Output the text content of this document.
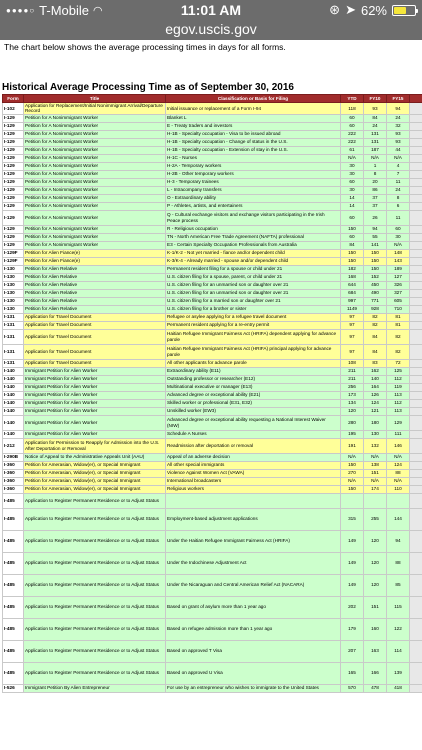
●●●●○ T-Mobile ◠	11:01 AM	⊛ ➤ 62%
egov.uscis.gov
The chart below shows the average processing times in days for all forms.
Historical Average Processing Time as of September 30, 2016
Form	Title	Classification or Basis for Filing	YTD	FY10	FY15	
I-102	Application for Replacement/Initial Nonimmigrant Arrival/Departure Record	Initial issuance or replacement of a Form I-94	118	93	94	
I-129	Petition for A Nonimmigrant Worker	Blanket L	60	84	24	
I-129	Petition for A Nonimmigrant Worker	E - Treaty traders and investors	60	24	32	
I-129	Petition for A Nonimmigrant Worker	H-1B - Specialty occupation - Visa to be issued abroad	222	131	93	
I-129	Petition for A Nonimmigrant Worker	H-1B - Specialty occupation - Change of status in the U.S.	222	131	93	
I-129	Petition for A Nonimmigrant Worker	H-1B - Specialty occupation - Extension of stay in the U.S.	61	187	44	
I-129	Petition for A Nonimmigrant Worker	H-1C - Nurses	N/A	N/A	N/A	
I-129	Petition for A Nonimmigrant Worker	H-2A - Temporary workers	30	1	4	
I-129	Petition for A Nonimmigrant Worker	H-2B - Other temporary workers	30	8	7	
I-129	Petition for A Nonimmigrant Worker	H-3 - Temporary trainees	60	20	11	
I-129	Petition for A Nonimmigrant Worker	L - Intracompany transfers	30	86	24	
I-129	Petition for A Nonimmigrant Worker	O - Extraordinary ability	14	37	8	
I-129	Petition for A Nonimmigrant Worker	P - Athletes, artists, and entertainers	14	37	6	
I-129	Petition for A Nonimmigrant Worker	Q - Cultural exchange visitors and exchange visitors participating in the Irish Peace process	60	26	11	
I-129	Petition for A Nonimmigrant Worker	R - Religious occupation	150	94	60	
I-129	Petition for A Nonimmigrant Worker	TN - North American Free Trade Agreement (NAFTA) professional	60	55	30	
I-129	Petition for A Nonimmigrant Worker	E3 - Certain Specialty Occupation Professionals from Australia	84	141	N/A	
I-129F	Petition for Alien Fiance(e)	K-1/K-2 - Not yet married - fiance and/or dependent child	150	150	148	
I-129F	Petition for Alien Fiance(e)	K-3/K-4 - Already married - spouse and/or dependent child	150	150	143	
I-130	Petition for Alien Relative	Permanent resident filing for a spouse or child under 21	182	150	189	
I-130	Petition for Alien Relative	U.S. citizen filing for a spouse, parent, or child under 21	168	152	127	
I-130	Petition for Alien Relative	U.S. citizen filing for an unmarried son or daughter over 21	644	450	326	
I-130	Petition for Alien Relative	U.S. citizen filing for an unmarried son or daughter over 21	684	490	327	
I-130	Petition for Alien Relative	U.S. citizen filing for a married son or daughter over 21	997	771	605	
I-130	Petition for Alien Relative	U.S. citizen filing for a brother or sister	1149	928	710	
I-131	Application for Travel Document	Refugee or asylee applying for a refugee travel document	97	82	81	
I-131	Application for Travel Document	Permanent resident applying for a re-entry permit	97	82	81	
I-131	Application for Travel Document	Haitian Refugee Immigrant Fairness Act (HRIFA) dependent applying for advance parole	97	84	82	
I-131	Application for Travel Document	Haitian Refugee Immigrant Fairness Act (HRIFA) principal applying for advance parole	97	84	82	
I-131	Application for Travel Document	All other applicants for advance parole	108	83	72	
I-140	Immigrant Petition for Alien Worker	Extraordinary ability (E11)	211	162	125	
I-140	Immigrant Petition for Alien Worker	Outstanding professor or researcher (E12)	211	140	112	
I-140	Immigrant Petition for Alien Worker	Multinational executive or manager (E13)	256	164	119	
I-140	Immigrant Petition for Alien Worker	Advanced degree or exceptional ability (E21)	173	126	113	
I-140	Immigrant Petition for Alien Worker	Skilled worker or professional (E31, E32)	134	124	112	
I-140	Immigrant Petition for Alien Worker	Unskilled worker (EW3)	120	121	113	
I-140	Immigrant Petition for Alien Worker	Advanced degree or exceptional ability requesting a National Interest Waiver (NIW)	280	180	129	
I-140	Immigrant Petition for Alien Worker	Schedule A Nurses	195	130	111	
I-212	Application for Permission to Reapply for Admission into the U.S. After Deportation or Removal	Readmission after deportation or removal	191	132	146	
I-290B	Notice of Appeal to the Administrative Appeals Unit (AAU)	Appeal of an adverse decision	N/A	N/A	N/A	
I-360	Petition for Amerasian, Widow(er), or Special Immigrant	All other special immigrants	150	138	124	
I-360	Petition for Amerasian, Widow(er), or Special Immigrant	Violence Against Women Act (VAWA)	270	151	88	
I-360	Petition for Amerasian, Widow(er), or Special Immigrant	International broadcasters	N/A	N/A	N/A	
I-360	Petition for Amerasian, Widow(er), or Special Immigrant	Religious workers	150	174	110	
I-485	Application to Register Permanent Residence or to Adjust Status					
I-485	Application to Register Permanent Residence or to Adjust Status	Employment-based adjustment applications	315	255	144	
I-485	Application to Register Permanent Residence or to Adjust Status	Under the Haitian Refugee Immigrant Fairness Act (HRIFA)	149	120	94	
I-485	Application to Register Permanent Residence or to Adjust Status	Under the Indochinese Adjustment Act	149	120	88	
I-485	Application to Register Permanent Residence or to Adjust Status	Under the Nicaraguan and Central American Relief Act (NACARA)	149	120	85	
I-485	Application to Register Permanent Residence or to Adjust Status	Based on grant of asylum more than 1 year ago	202	151	115	
I-485	Application to Register Permanent Residence or to Adjust Status	Based on refugee admission more than 1 year ago	179	160	122	
I-485	Application to Register Permanent Residence or to Adjust Status	Based on approved T Visa	207	163	114	
I-485	Application to Register Permanent Residence or to Adjust Status	Based on approved U Visa	165	166	139	
I-526	Immigrant Petition By Alien Entrepreneur	For use by an entrepreneur who wishes to immigrate to the United States	570	478	418	
